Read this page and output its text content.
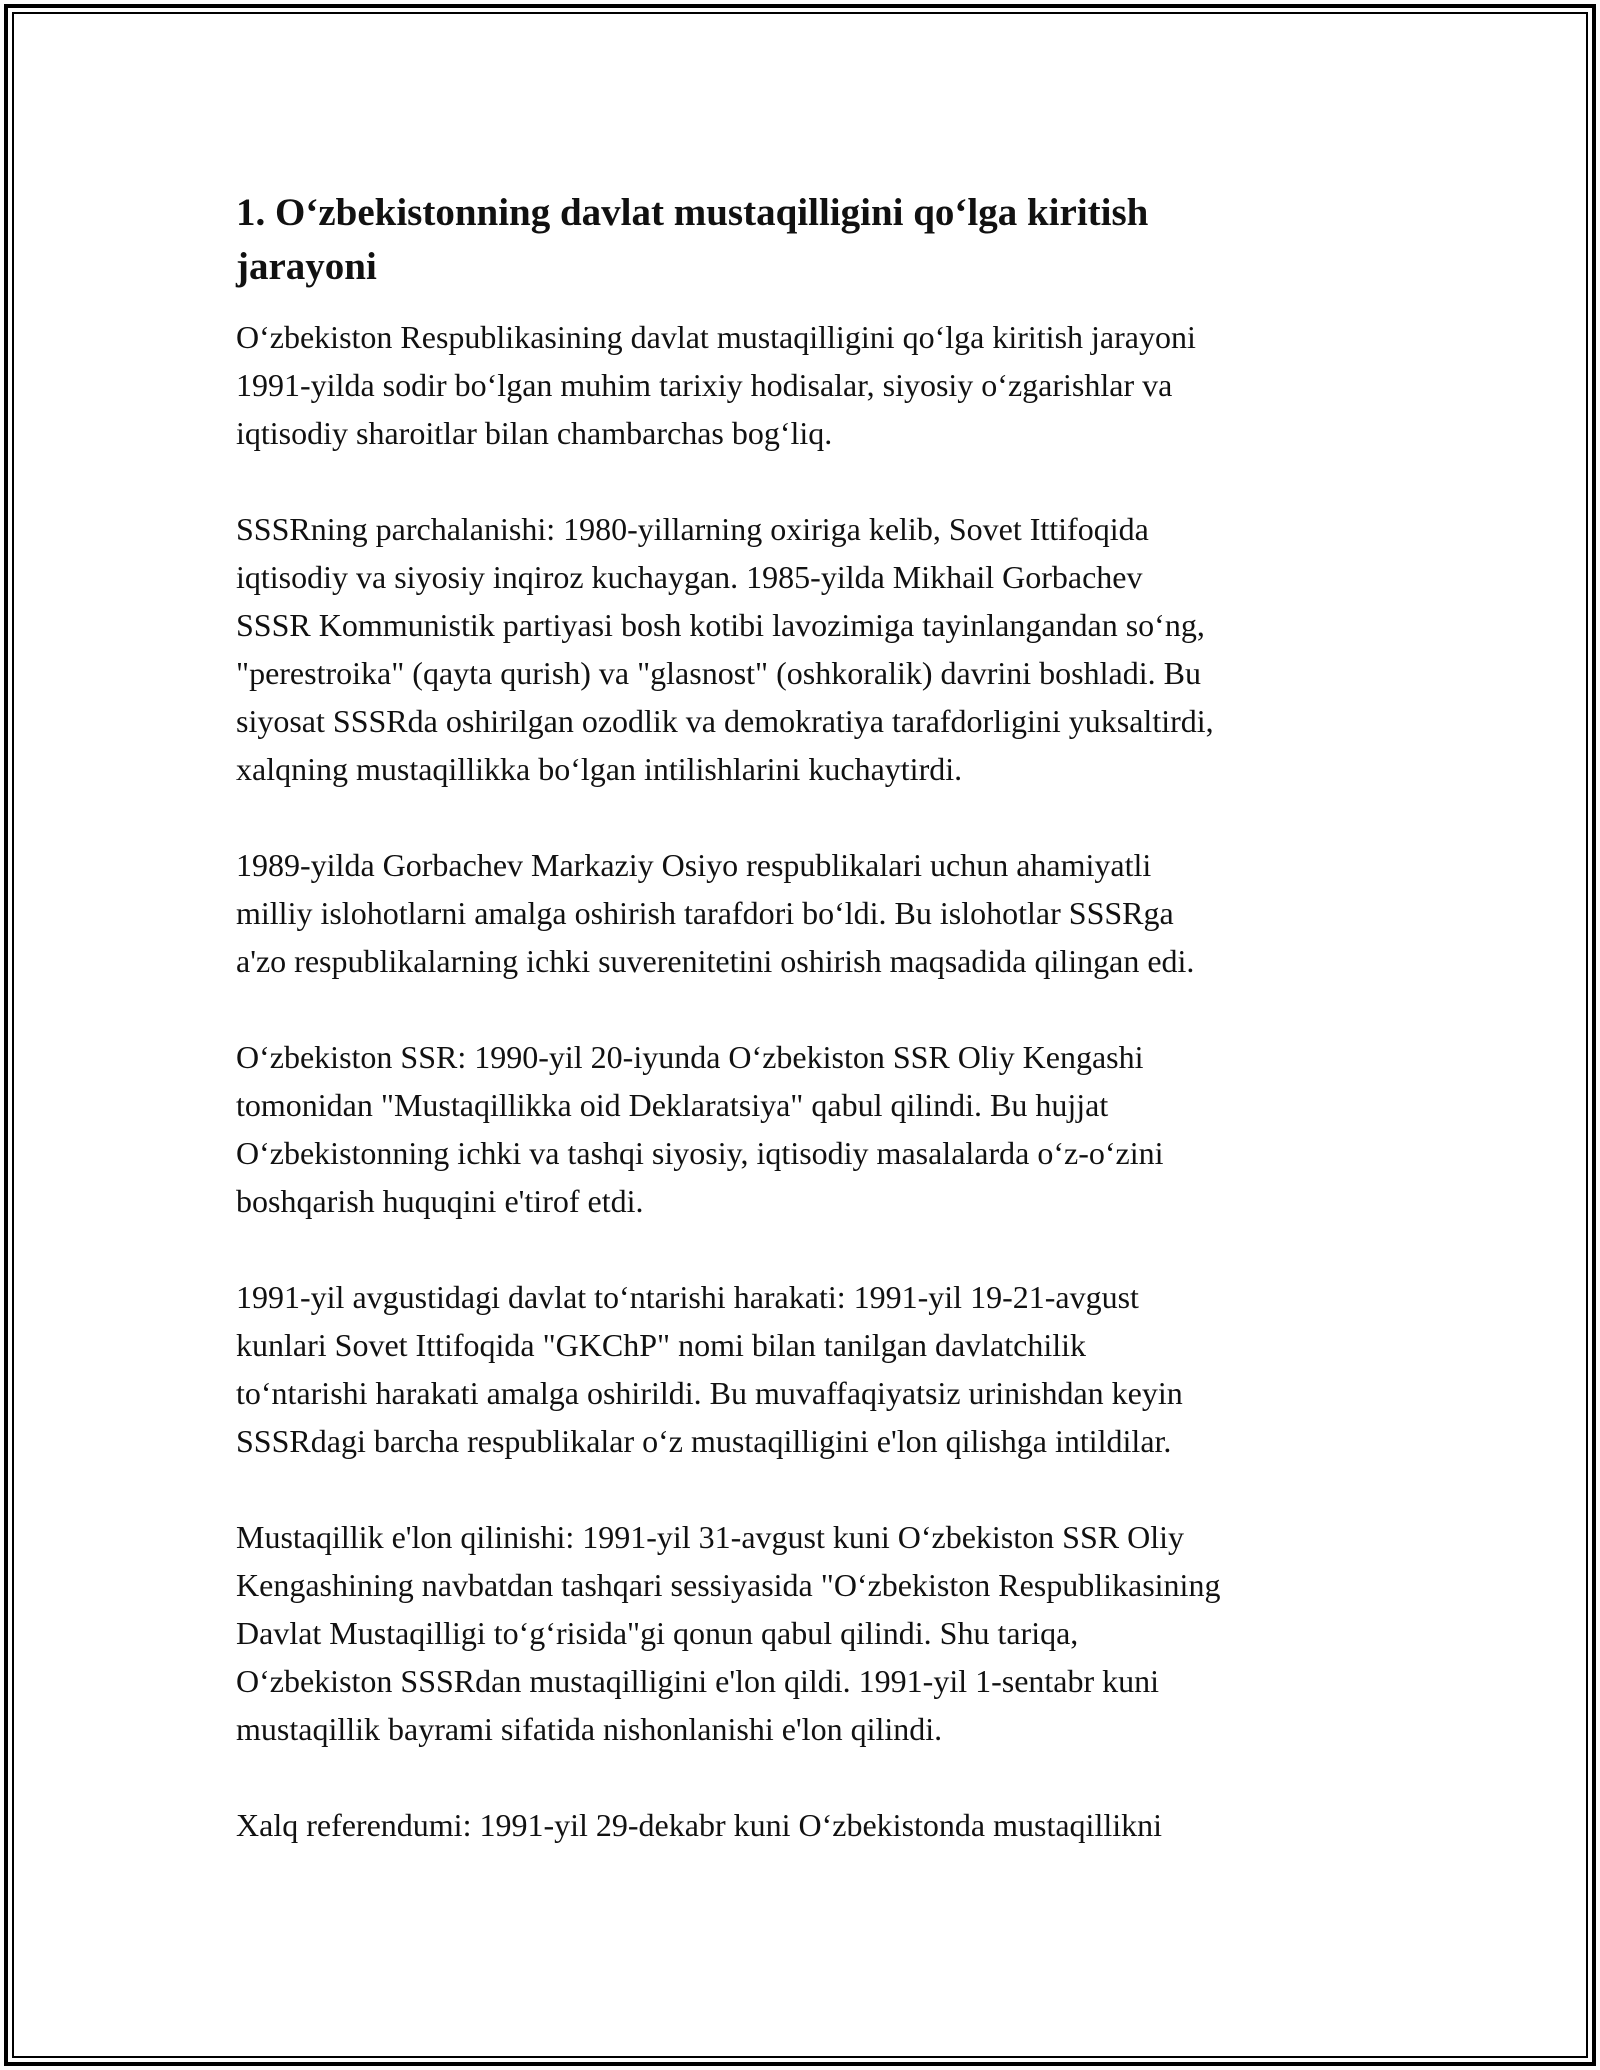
1. O‘zbekistonning davlat mustaqilligini qo‘lga kiritish
jarayoni
O‘zbekiston Respublikasining davlat mustaqilligini qo‘lga kiritish jarayoni
1991-yilda sodir bo‘lgan muhim tarixiy hodisalar, siyosiy o‘zgarishlar va
iqtisodiy sharoitlar bilan chambarchas bog‘liq.
SSSRning parchalanishi: 1980-yillarning oxiriga kelib, Sovet Ittifoqida
iqtisodiy va siyosiy inqiroz kuchaygan. 1985-yilda Mikhail Gorbachev
SSSR Kommunistik partiyasi bosh kotibi lavozimiga tayinlangandan so‘ng,
"perestroika" (qayta qurish) va "glasnost" (oshkoralik) davrini boshladi. Bu
siyosat SSSRda oshirilgan ozodlik va demokratiya tarafdorligini yuksaltirdi,
xalqning mustaqillikka bo‘lgan intilishlarini kuchaytirdi.
1989-yilda Gorbachev Markaziy Osiyo respublikalari uchun ahamiyatli
milliy islohotlarni amalga oshirish tarafdori bo‘ldi. Bu islohotlar SSSRga
a'zo respublikalarning ichki suverenitetini oshirish maqsadida qilingan edi.
O‘zbekiston SSR: 1990-yil 20-iyunda O‘zbekiston SSR Oliy Kengashi
tomonidan "Mustaqillikka oid Deklaratsiya" qabul qilindi. Bu hujjat
O‘zbekistonning ichki va tashqi siyosiy, iqtisodiy masalalarda o‘z-o‘zini
boshqarish huquqini e'tirof etdi.
1991-yil avgustidagi davlat to‘ntarishi harakati: 1991-yil 19-21-avgust
kunlari Sovet Ittifoqida "GKChP" nomi bilan tanilgan davlatchilik
to‘ntarishi harakati amalga oshirildi. Bu muvaffaqiyatsiz urinishdan keyin
SSSRdagi barcha respublikalar o‘z mustaqilligini e'lon qilishga intildilar.
Mustaqillik e'lon qilinishi: 1991-yil 31-avgust kuni O‘zbekiston SSR Oliy
Kengashining navbatdan tashqari sessiyasida "O‘zbekiston Respublikasining
Davlat Mustaqilligi to‘g‘risida"gi qonun qabul qilindi. Shu tariqa,
O‘zbekiston SSSRdan mustaqilligini e'lon qildi. 1991-yil 1-sentabr kuni
mustaqillik bayrami sifatida nishonlanishi e'lon qilindi.
Xalq referendumi: 1991-yil 29-dekabr kuni O‘zbekistonda mustaqillikni
